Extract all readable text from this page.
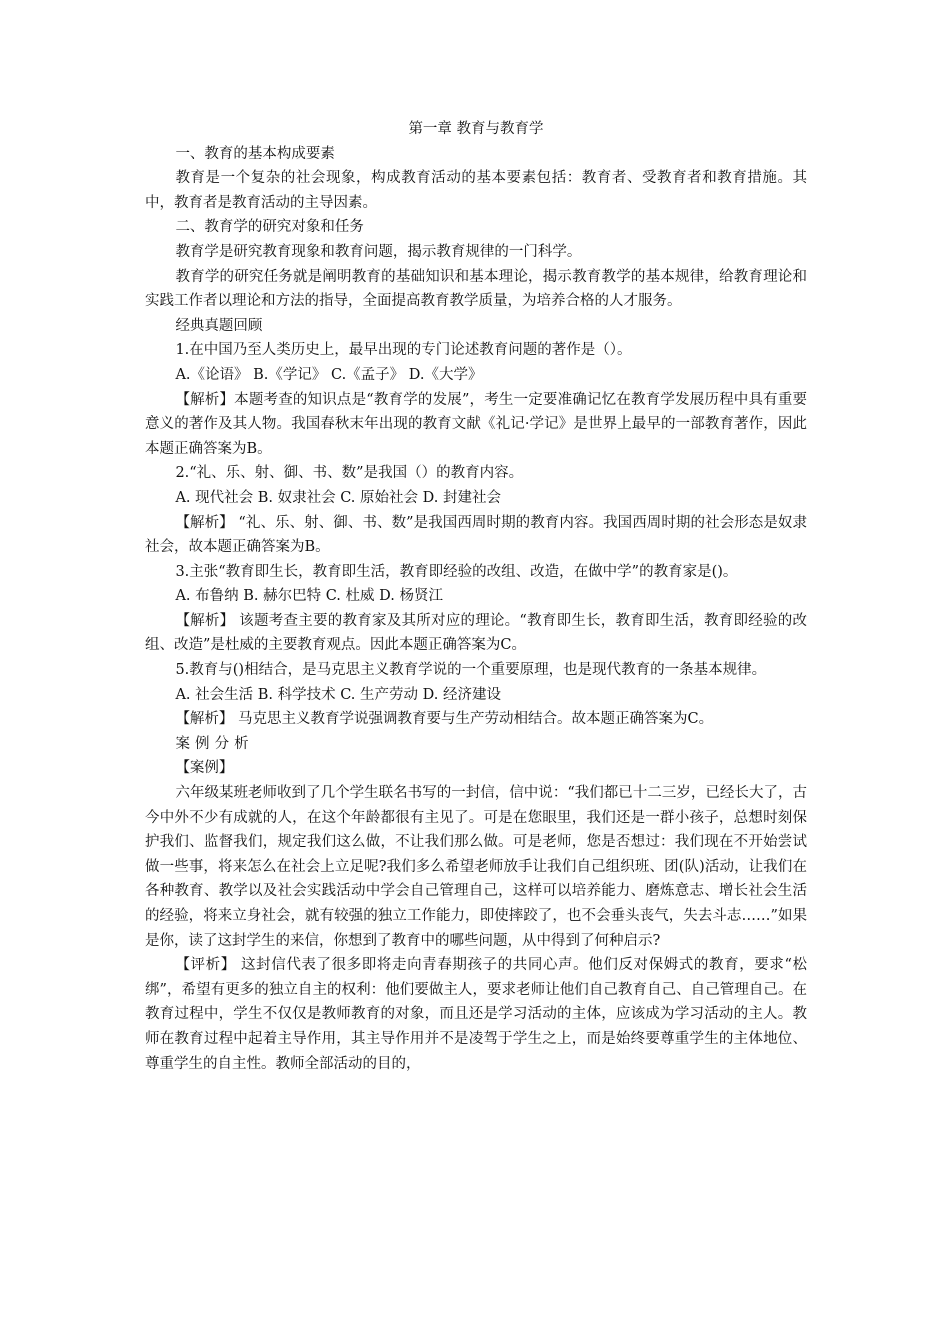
第一章 教育与教育学

一、教育的基本构成要素

教育是一个复杂的社会现象，构成教育活动的基本要素包括：教育者、受教育者和教育措施。其中，教育者是教育活动的主导因素。

二、教育学的研究对象和任务

教育学是研究教育现象和教育问题，揭示教育规律的一门科学。

教育学的研究任务就是阐明教育的基础知识和基本理论，揭示教育教学的基本规律，给教育理论和实践工作者以理论和方法的指导，全面提高教育教学质量，为培养合格的人才服务。

经典真题回顾

1.在中国乃至人类历史上，最早出现的专门论述教育问题的著作是（）。

A.《论语》 B.《学记》 C.《孟子》 D.《大学》

【解析】本题考查的知识点是“教育学的发展”，考生一定要准确记忆在教育学发展历程中具有重要意义的著作及其人物。我国春秋末年出现的教育文献《礼记·学记》是世界上最早的一部教育著作，因此本题正确答案为B。

2.“礼、乐、射、御、书、数”是我国（）的教育内容。

A. 现代社会 B. 奴隶社会 C. 原始社会 D. 封建社会

【解析】 “礼、乐、射、御、书、数”是我国西周时期的教育内容。我国西周时期的社会形态是奴隶社会，故本题正确答案为B。

3.主张“教育即生长，教育即生活，教育即经验的改组、改造，在做中学”的教育家是()。

A. 布鲁纳 B. 赫尔巴特 C. 杜威 D. 杨贤江

【解析】 该题考查主要的教育家及其所对应的理论。“教育即生长，教育即生活，教育即经验的改组、改造”是杜威的主要教育观点。因此本题正确答案为C。

5.教育与()相结合，是马克思主义教育学说的一个重要原理，也是现代教育的一条基本规律。

A. 社会生活 B. 科学技术 C. 生产劳动 D. 经济建设

【解析】 马克思主义教育学说强调教育要与生产劳动相结合。故本题正确答案为C。

案例分析

【案例】

六年级某班老师收到了几个学生联名书写的一封信，信中说：“我们都已十二三岁，已经长大了，古今中外不少有成就的人，在这个年龄都很有主见了。可是在您眼里，我们还是一群小孩子，总想时刻保护我们、监督我们，规定我们这么做，不让我们那么做。可是老师，您是否想过：我们现在不开始尝试做一些事，将来怎么在社会上立足呢?我们多么希望老师放手让我们自己组织班、团(队)活动，让我们在各种教育、教学以及社会实践活动中学会自己管理自己，这样可以培养能力、磨炼意志、增长社会生活的经验，将来立身社会，就有较强的独立工作能力，即使摔跤了，也不会垂头丧气，失去斗志……”如果是你，读了这封学生的来信，你想到了教育中的哪些问题，从中得到了何种启示?

【评析】 这封信代表了很多即将走向青春期孩子的共同心声。他们反对保姆式的教育，要求“松绑”，希望有更多的独立自主的权利：他们要做主人，要求老师让他们自己教育自己、自己管理自己。在教育过程中，学生不仅仅是教师教育的对象，而且还是学习活动的主体，应该成为学习活动的主人。教师在教育过程中起着主导作用，其主导作用并不是凌驾于学生之上，而是始终要尊重学生的主体地位、尊重学生的自主性。教师全部活动的目的，
